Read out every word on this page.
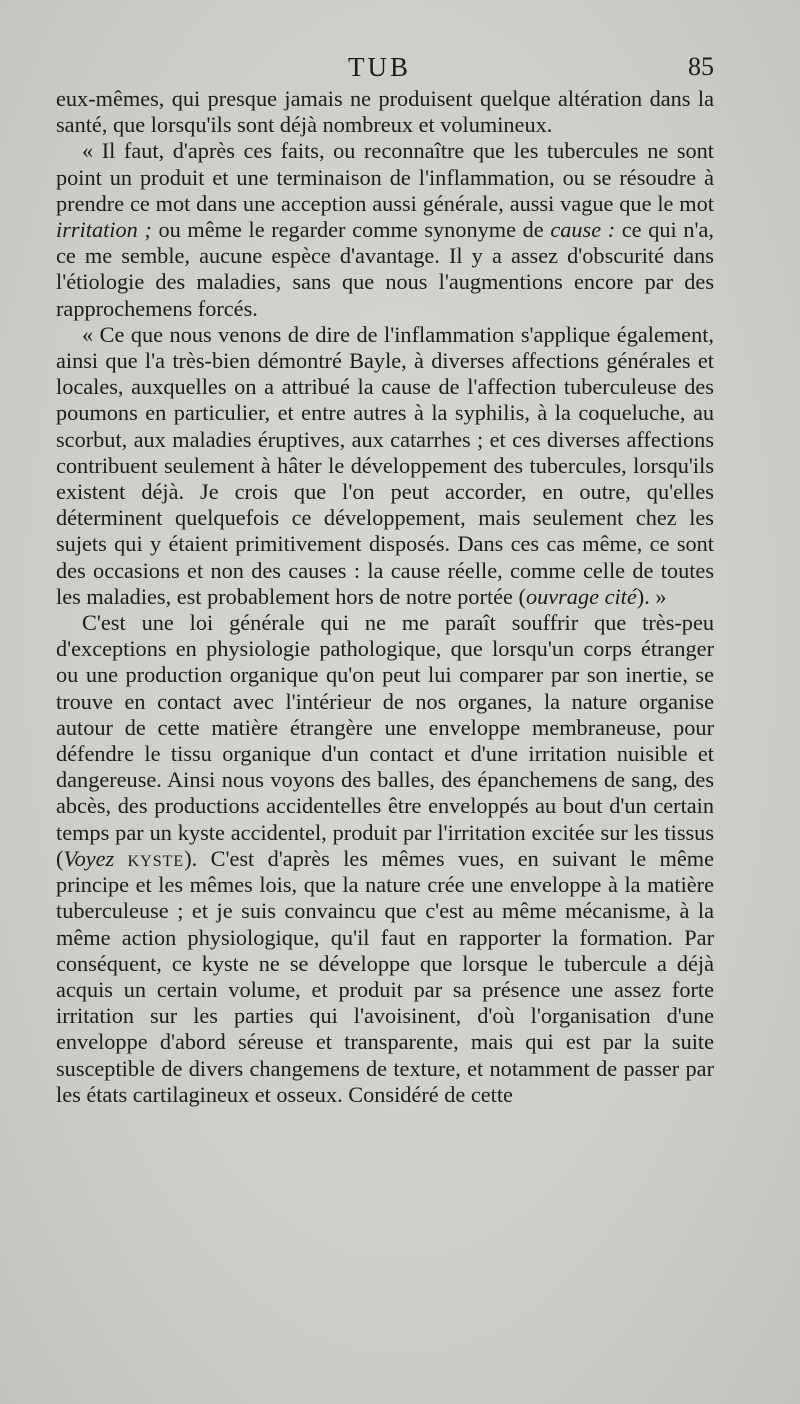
TUB	85

eux-mêmes, qui presque jamais ne produisent quelque altération dans la santé, que lorsqu'ils sont déjà nombreux et volumineux.

« Il faut, d'après ces faits, ou reconnaître que les tubercules ne sont point un produit et une terminaison de l'inflammation, ou se résoudre à prendre ce mot dans une acception aussi générale, aussi vague que le mot irritation ; ou même le regarder comme synonyme de cause : ce qui n'a, ce me semble, aucune espèce d'avantage. Il y a assez d'obscurité dans l'étiologie des maladies, sans que nous l'augmentions encore par des rapprochemens forcés.

« Ce que nous venons de dire de l'inflammation s'applique également, ainsi que l'a très-bien démontré Bayle, à diverses affections générales et locales, auxquelles on a attribué la cause de l'affection tuberculeuse des poumons en particulier, et entre autres à la syphilis, à la coqueluche, au scorbut, aux maladies éruptives, aux catarrhes ; et ces diverses affections contribuent seulement à hâter le développement des tubercules, lorsqu'ils existent déjà. Je crois que l'on peut accorder, en outre, qu'elles déterminent quelquefois ce développement, mais seulement chez les sujets qui y étaient primitivement disposés. Dans ces cas même, ce sont des occasions et non des causes : la cause réelle, comme celle de toutes les maladies, est probablement hors de notre portée (ouvrage cité). »

C'est une loi générale qui ne me paraît souffrir que très-peu d'exceptions en physiologie pathologique, que lorsqu'un corps étranger ou une production organique qu'on peut lui comparer par son inertie, se trouve en contact avec l'intérieur de nos organes, la nature organise autour de cette matière étrangère une enveloppe membraneuse, pour défendre le tissu organique d'un contact et d'une irritation nuisible et dangereuse. Ainsi nous voyons des balles, des épanchemens de sang, des abcès, des productions accidentelles être enveloppés au bout d'un certain temps par un kyste accidentel, produit par l'irritation excitée sur les tissus (Voyez kyste). C'est d'après les mêmes vues, en suivant le même principe et les mêmes lois, que la nature crée une enveloppe à la matière tuberculeuse ; et je suis convaincu que c'est au même mécanisme, à la même action physiologique, qu'il faut en rapporter la formation. Par conséquent, ce kyste ne se développe que lorsque le tubercule a déjà acquis un certain volume, et produit par sa présence une assez forte irritation sur les parties qui l'avoisinent, d'où l'organisation d'une enveloppe d'abord séreuse et transparente, mais qui est par la suite susceptible de divers changemens de texture, et notamment de passer par les états cartilagineux et osseux. Considéré de cette
